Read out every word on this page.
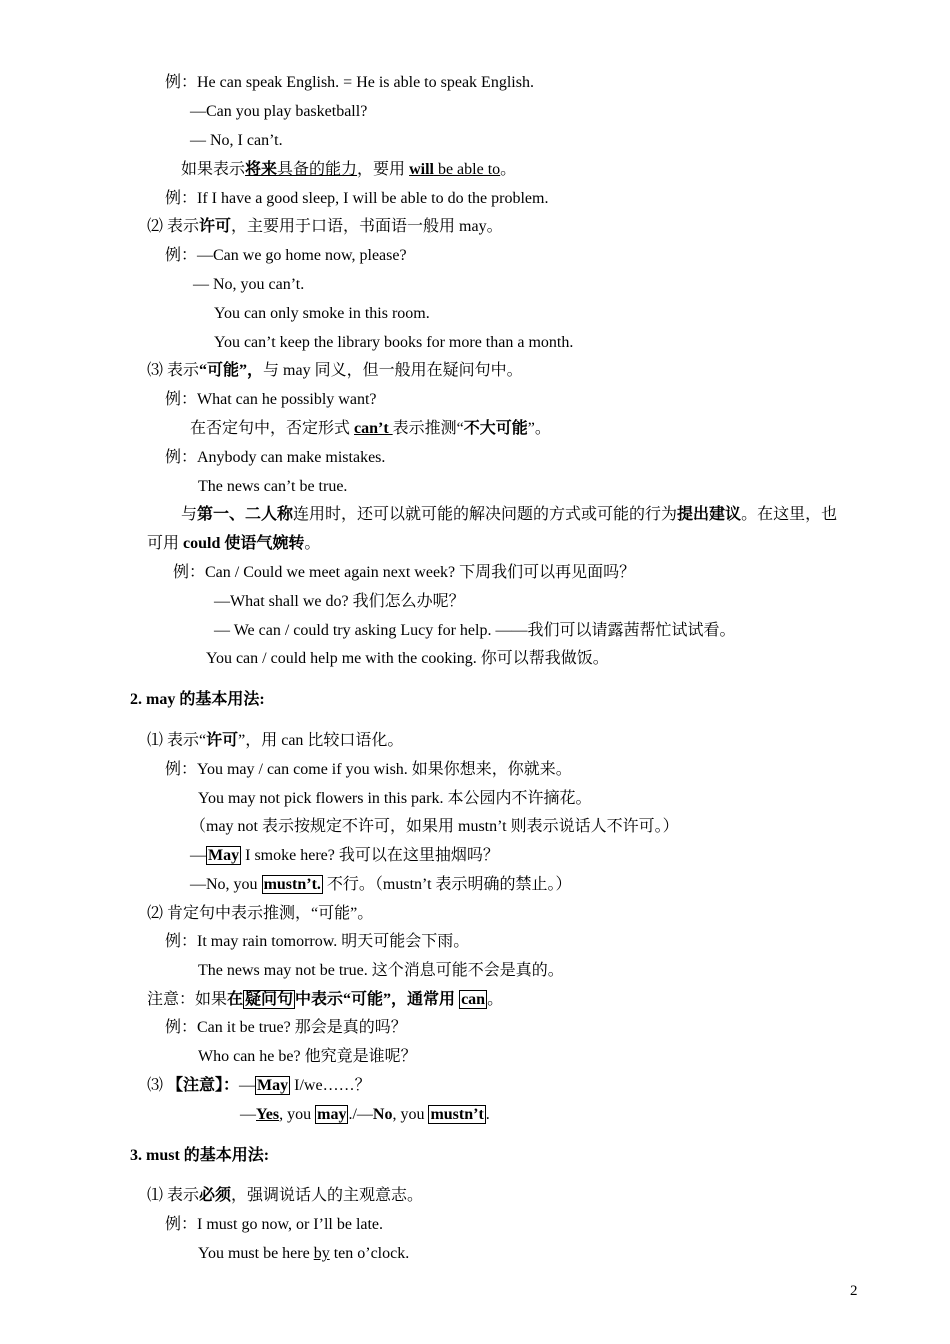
例：He can speak English. = He is able to speak English.
—Can you play basketball?
— No, I can’t.
如果表示将来具备的能力，要用 will be able to。
例：If I have a good sleep, I will be able to do the problem.
⑵ 表示许可，主要用于口语，书面语一般用 may。
例：—Can we go home now, please?
— No, you can’t.
You can only smoke in this room.
You can’t keep the library books for more than a month.
⑶ 表示“可能”，与 may 同义，但一般用在疑问句中。
例：What can he possibly want?
在否定句中，否定形式 can’t 表示推测“不大可能”。
例：Anybody can make mistakes.
The news can’t be true.
与第一、二人称连用时，还可以就可能的解决问题的方式或可能的行为提出建议。在这里，也
可用 could 使语气婉转。
例：Can / Could we meet again next week? 下周我们可以再见面吗？
—What shall we do? 我们怎么办呢？
— We can / could try asking Lucy for help. ——我们可以请露茜帮忙试试看。
You can / could help me with the cooking. 你可以帮我做饭。
2. may 的基本用法:
⑴ 表示“许可”，用 can 比较口语化。
例：You may / can come if you wish. 如果你想来，你就来。
You may not pick flowers in this park. 本公园内不许摘花。
（may not 表示按规定不许可，如果用 mustn’t 则表示说话人不许可。）
— May I smoke here? 我可以在这里抽烟吗？
—No, you mustn’t. 不行。（mustn’t 表示明确的禁止。）
⑵ 肯定句中表示推测，“可能”。
例：It may rain tomorrow. 明天可能会下雨。
The news may not be true. 这个消息可能不会是真的。
注意：如果在 疑问句 中表示“可能”，通常用 can 。
例：Can it be true? 那会是真的吗？
Who can he be? 他究竟是谁呢？
⑶ 【注意】：— May I/we……？
—Yes, you may ./—No, you mustn’t .
3. must 的基本用法:
⑴ 表示必须，强调说话人的主观意志。
例：I must go now, or I’ll be late.
You must be here by ten o’clock.
2
